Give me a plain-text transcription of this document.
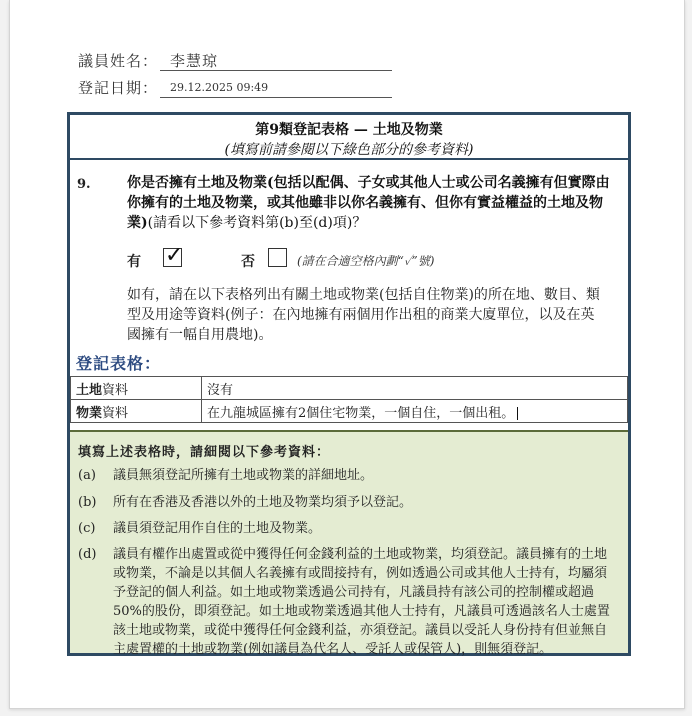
議員姓名： 李慧琼
登記日期： 29.12.2025 09:49
第9類登記表格 — 土地及物業
(填寫前請參閱以下綠色部分的參考資料)
9.	你是否擁有土地及物業(包括以配偶、子女或其他人士或公司名義擁有但實際由你擁有的土地及物業，或其他雖非以你名義擁有、但你有實益權益的土地及物業)(請看以下參考資料第(b)至(d)項)？
有 ✓	否	(請在合適空格內劃“✓”號)
如有，請在以下表格列出有關土地或物業(包括自住物業)的所在地、數目、類型及用途等資料(例子：在內地擁有兩個用作出租的商業大廈單位，以及在英國擁有一幅自用農地)。
登記表格：
土地資料	沒有
物業資料	在九龍城區擁有2個住宅物業，一個自住，一個出租。
填寫上述表格時，請細閱以下參考資料：
(a)	議員無須登記所擁有土地或物業的詳細地址。
(b)	所有在香港及香港以外的土地及物業均須予以登記。
(c)	議員須登記用作自住的土地及物業。
(d)	議員有權作出處置或從中獲得任何金錢利益的土地或物業，均須登記。議員擁有的土地或物業，不論是以其個人名義擁有或間接持有，例如透過公司或其他人士持有，均屬須予登記的個人利益。如土地或物業透過公司持有，凡議員持有該公司的控制權或超過50%的股份，即須登記。如土地或物業透過其他人士持有，凡議員可透過該名人士處置該土地或物業，或從中獲得任何金錢利益，亦須登記。議員以受託人身份持有但並無自主處置權的土地或物業(例如議員為代名人、受託人或保管人)，則無須登記。
